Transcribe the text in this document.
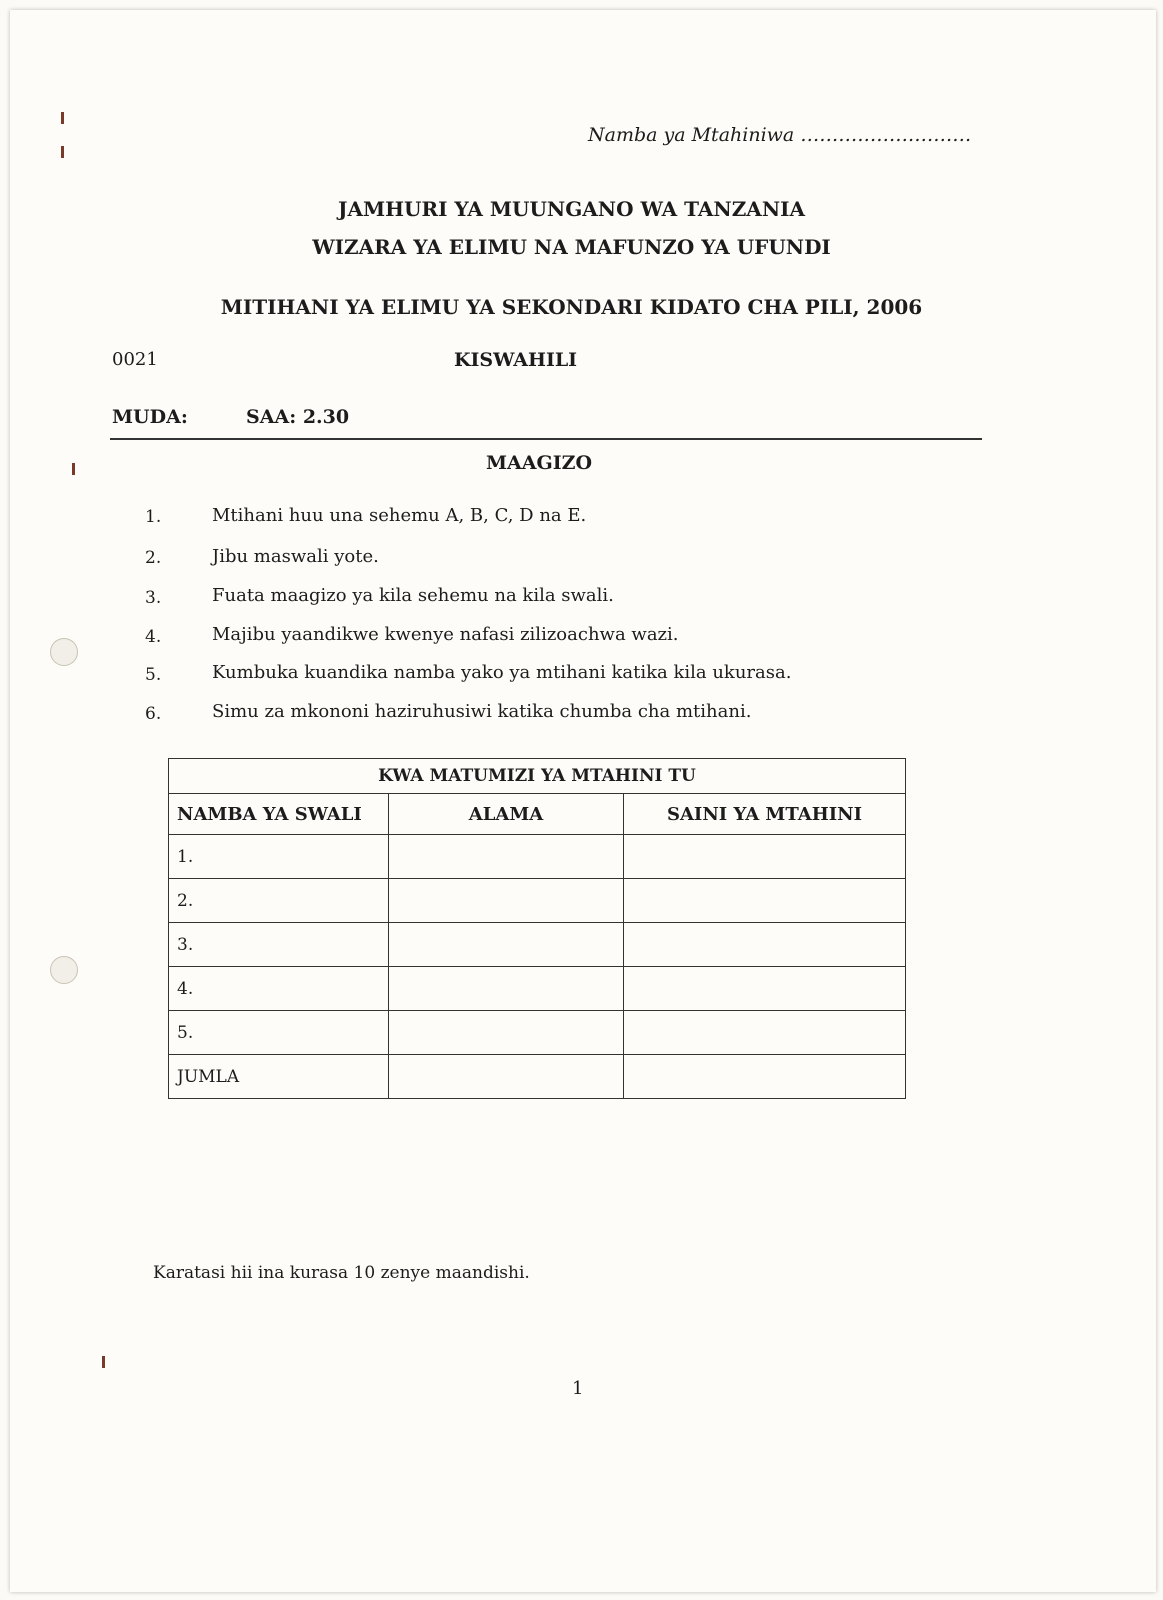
Namba ya Mtahiniwa ………………………
JAMHURI YA MUUNGANO WA TANZANIA
WIZARA YA ELIMU NA MAFUNZO YA UFUNDI
MITIHANI YA ELIMU YA SEKONDARI KIDATO CHA PILI, 2006
0021	KISWAHILI
MUDA:	SAA: 2.30
MAAGIZO
1.	Mtihani huu una sehemu A, B, C, D na E.
2.	Jibu maswali yote.
3.	Fuata maagizo ya kila sehemu na kila swali.
4.	Majibu yaandikwe kwenye nafasi zilizoachwa wazi.
5.	Kumbuka kuandika namba yako ya mtihani katika kila ukurasa.
6.	Simu za mkononi haziruhusiwi katika chumba cha mtihani.
KWA MATUMIZI YA MTAHINI TU		
NAMBA YA SWALI	ALAMA	SAINI YA MTAHINI
1.		
2.		
3.		
4.		
5.		
JUMLA		
Karatasi hii ina kurasa 10 zenye maandishi.
1
